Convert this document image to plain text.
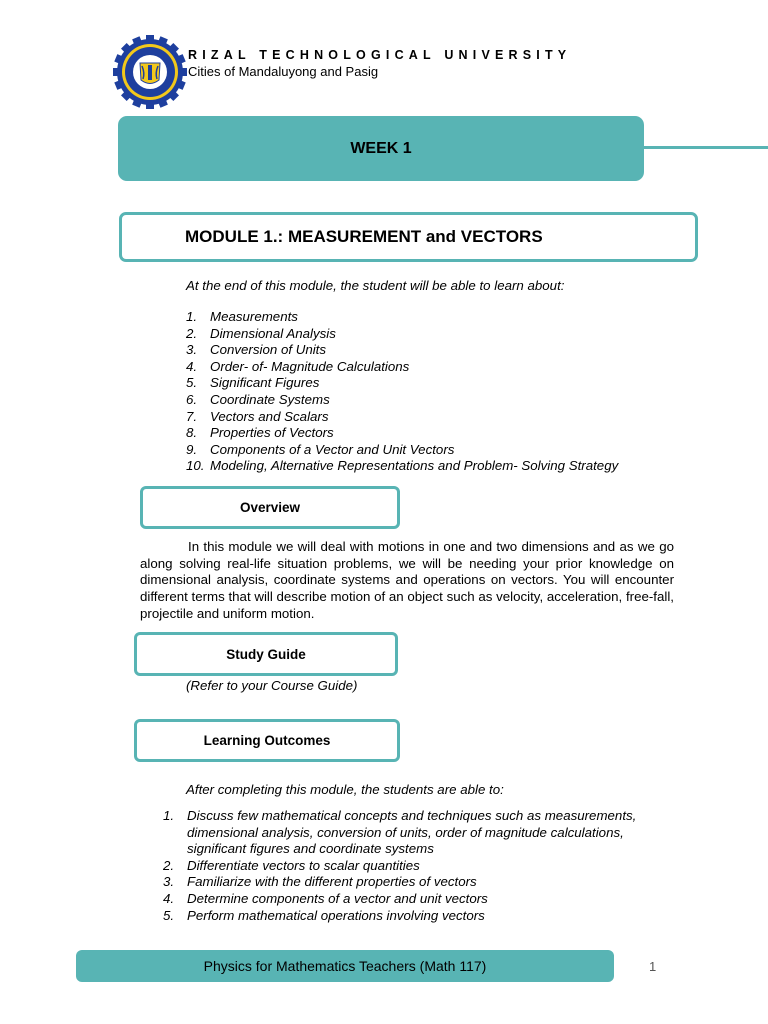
RIZAL TECHNOLOGICAL UNIVERSITY
Cities of Mandaluyong and Pasig
WEEK 1
MODULE 1.: MEASUREMENT and VECTORS
At the end of this module, the student will be able to learn about:
1. Measurements
2. Dimensional Analysis
3. Conversion of Units
4. Order- of- Magnitude Calculations
5. Significant Figures
6. Coordinate Systems
7. Vectors and Scalars
8. Properties of Vectors
9. Components of a Vector and Unit Vectors
10. Modeling, Alternative Representations and Problem- Solving Strategy
Overview
In this module we will deal with motions in one and two dimensions and as we go along solving real-life situation problems, we will be needing your prior knowledge on dimensional analysis, coordinate systems and operations on vectors. You will encounter different terms that will describe motion of an object such as velocity, acceleration, free-fall, projectile and uniform motion.
Study Guide
(Refer to your Course Guide)
Learning Outcomes
After completing this module, the students are able to:
1. Discuss few mathematical concepts and techniques such as measurements, dimensional analysis, conversion of units, order of magnitude calculations, significant figures and coordinate systems
2. Differentiate vectors to scalar quantities
3. Familiarize with the different properties of vectors
4. Determine components of a vector and unit vectors
5. Perform mathematical operations involving vectors
Physics for Mathematics Teachers (Math 117)	1
